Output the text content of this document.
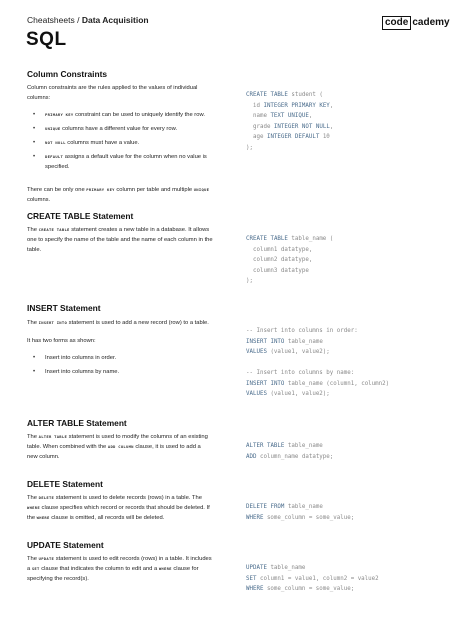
Cheatsheets / Data Acquisition
SQL
code cademy
Column Constraints
Column constraints are the rules applied to the values of individual columns:
• PRIMARY KEY constraint can be used to uniquely identify the row.
• UNIQUE columns have a different value for every row.
• NOT NULL columns must have a value.
• DEFAULT assigns a default value for the column when no value is specified.
There can be only one PRIMARY KEY column per table and multiple UNIQUE columns.
CREATE TABLE student (
id INTEGER PRIMARY KEY,
name TEXT UNIQUE,
grade INTEGER NOT NULL,
age INTEGER DEFAULT 10
);
CREATE TABLE Statement
The CREATE TABLE statement creates a new table in a database. It allows one to specify the name of the table and the name of each column in the table.
CREATE TABLE table_name (
column1 datatype,
column2 datatype,
column3 datatype
);
INSERT Statement
The INSERT INTO statement is used to add a new record (row) to a table.
It has two forms as shown:
• Insert into columns in order.
• Insert into columns by name.
-- Insert into columns in order:
INSERT INTO table_name
VALUES (value1, value2);

-- Insert into columns by name:
INSERT INTO table_name (column1, column2)
VALUES (value1, value2);
ALTER TABLE Statement
The ALTER TABLE statement is used to modify the columns of an existing table. When combined with the ADD COLUMN clause, it is used to add a new column.
ALTER TABLE table_name
ADD column_name datatype;
DELETE Statement
The DELETE statement is used to delete records (rows) in a table. The WHERE clause specifies which record or records that should be deleted. If the WHERE clause is omitted, all records will be deleted.
DELETE FROM table_name
WHERE some_column = some_value;
UPDATE Statement
The UPDATE statement is used to edit records (rows) in a table. It includes a SET clause that indicates the column to edit and a WHERE clause for specifying the record(s).
UPDATE table_name
SET column1 = value1, column2 = value2
WHERE some_column = some_value;
